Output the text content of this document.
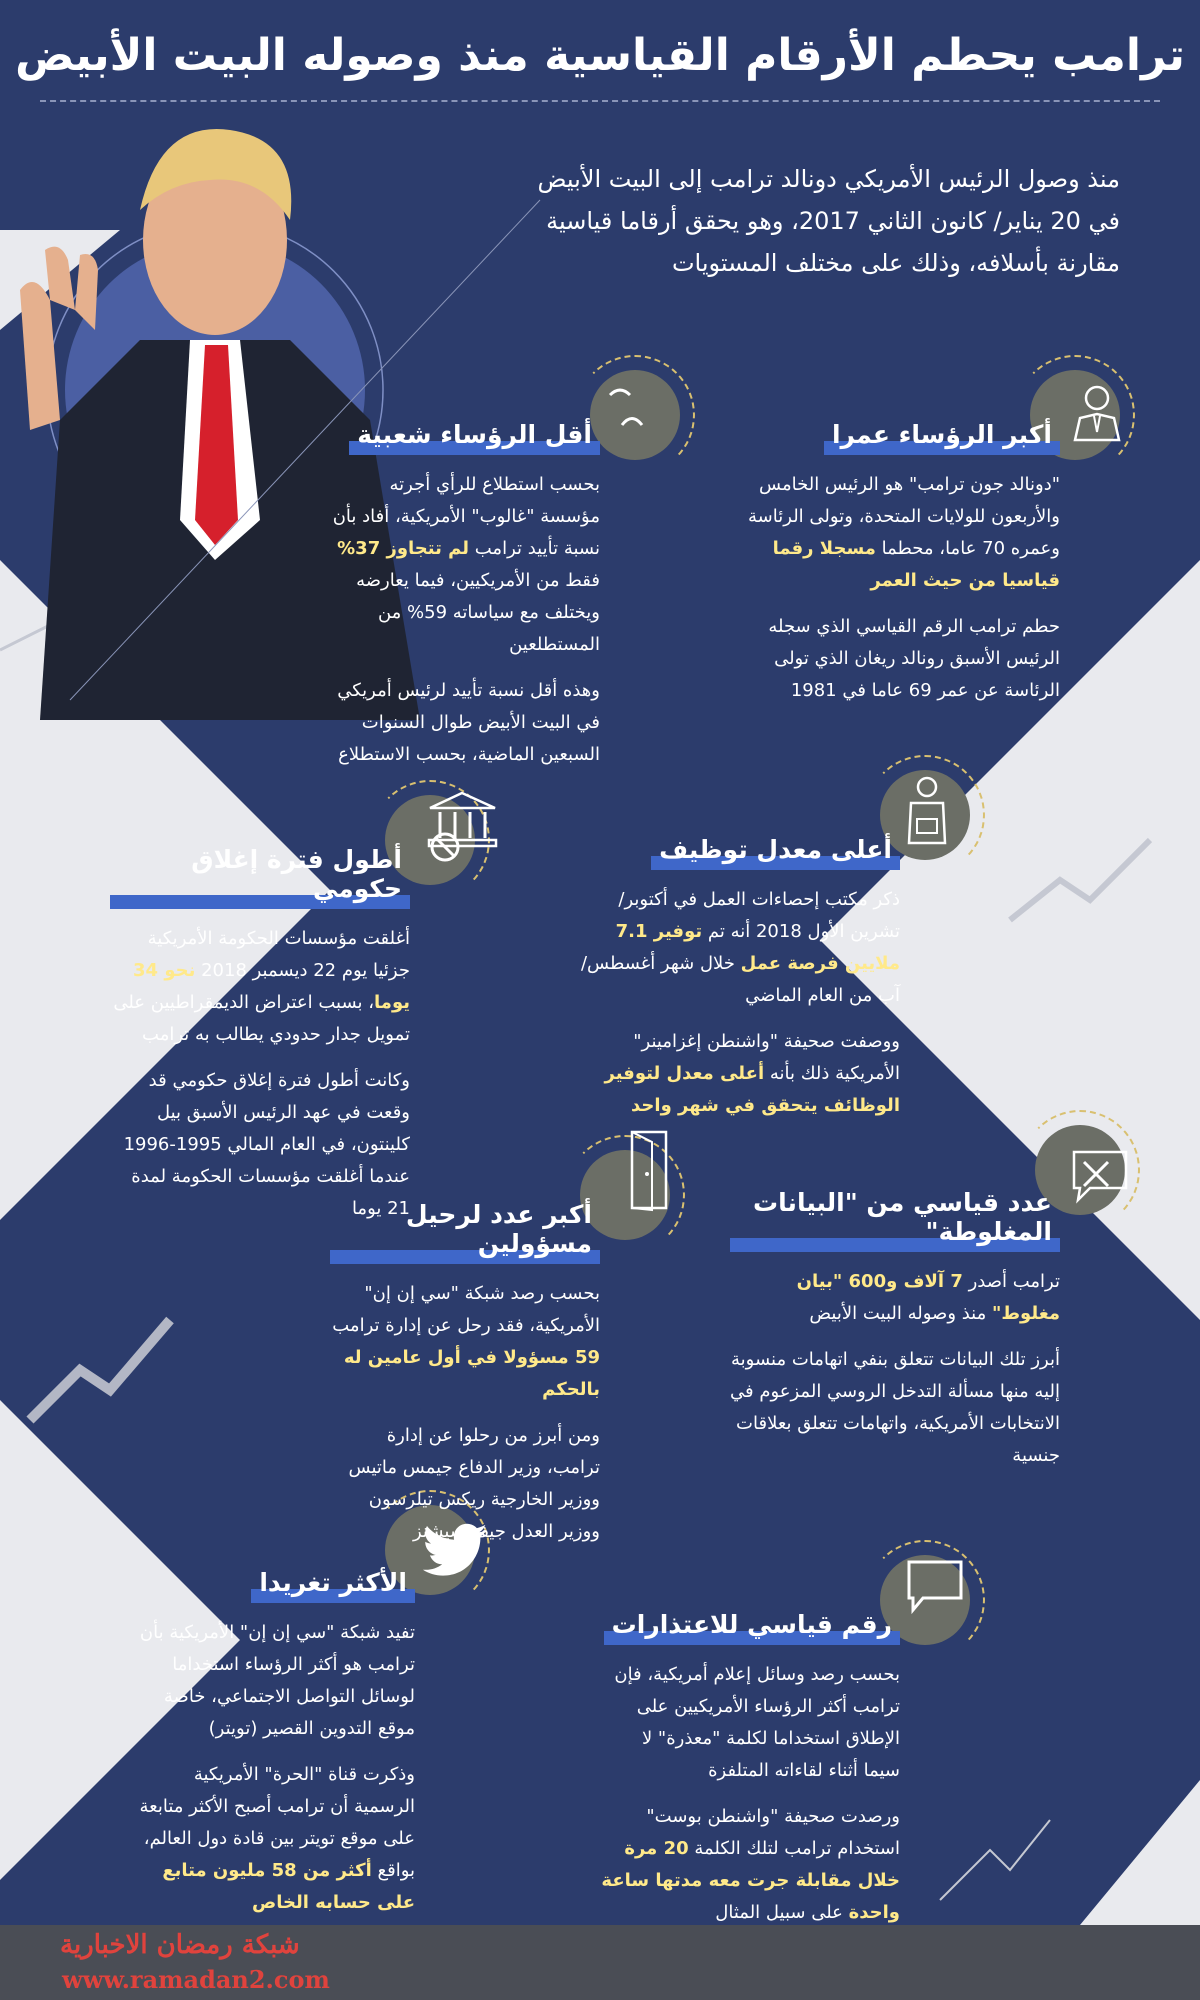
ترامب يحطم الأرقام القياسية منذ وصوله البيت الأبيض
منذ وصول الرئيس الأمريكي دونالد ترامب إلى البيت الأبيض في 20 يناير/ كانون الثاني 2017، وهو يحقق أرقاما قياسية مقارنة بأسلافه، وذلك على مختلف المستويات
أكبر الرؤساء عمرا
"دونالد جون ترامب" هو الرئيس الخامس والأربعون للولايات المتحدة، وتولى الرئاسة وعمره 70 عاما، محطما مسجلا رقما قياسيا من حيث العمر
حطم ترامب الرقم القياسي الذي سجله الرئيس الأسبق رونالد ريغان الذي تولى الرئاسة عن عمر 69 عاما في 1981
أقل الرؤساء شعبية
بحسب استطلاع للرأي أجرته مؤسسة "غالوب" الأمريكية، أفاد بأن نسبة تأييد ترامب لم تتجاوز 37% فقط من الأمريكيين، فيما يعارضه ويختلف مع سياساته 59% من المستطلعين
وهذه أقل نسبة تأييد لرئيس أمريكي في البيت الأبيض طوال السنوات السبعين الماضية، بحسب الاستطلاع
أعلى معدل توظيف
ذكر مكتب إحصاءات العمل في أكتوبر/تشرين الأول 2018 أنه تم توفير 7.1 ملايين فرصة عمل خلال شهر أغسطس/آب من العام الماضي
ووصفت صحيفة "واشنطن إغزامينر" الأمريكية ذلك بأنه أعلى معدل لتوفير الوظائف يتحقق في شهر واحد
أطول فترة إغلاق حكومي
أغلقت مؤسسات الحكومة الأمريكية جزئيا يوم 22 ديسمبر 2018 نحو 34 يوما، بسبب اعتراض الديمقراطيين على تمويل جدار حدودي يطالب به ترامب
وكانت أطول فترة إغلاق حكومي قد وقعت في عهد الرئيس الأسبق بيل كلينتون، في العام المالي 1995-1996 عندما أغلقت مؤسسات الحكومة لمدة 21 يوما	عدد قياسي من "البيانات المغلوطة"
ترامب أصدر 7 آلاف و600 "بيان مغلوط" منذ وصوله البيت الأبيض
أبرز تلك البيانات تتعلق بنفي اتهامات منسوبة إليه منها مسألة التدخل الروسي المزعوم في الانتخابات الأمريكية، واتهامات تتعلق بعلاقات جنسية
أكبر عدد لرحيل مسؤولين
بحسب رصد شبكة "سي إن إن" الأمريكية، فقد رحل عن إدارة ترامب 59 مسؤولا في أول عامين له بالحكم
ومن أبرز من رحلوا عن إدارة ترامب، وزير الدفاع جيمس ماتيس ووزير الخارجية ريكس تيلرسون ووزير العدل جيف سيشنز
رقم قياسي للاعتذارات
بحسب رصد وسائل إعلام أمريكية، فإن ترامب أكثر الرؤساء الأمريكيين على الإطلاق استخداما لكلمة "معذرة" لا سيما أثناء لقاءاته المتلفزة
ورصدت صحيفة "واشنطن بوست" استخدام ترامب لتلك الكلمة 20 مرة خلال مقابلة جرت معه مدتها ساعة واحدة على سبيل المثال
الأكثر تغريدا
تفيد شبكة "سي إن إن" الأمريكية بأن ترامب هو أكثر الرؤساء استخداما لوسائل التواصل الاجتماعي، خاصة موقع التدوين القصير (تويتر)
وذكرت قناة "الحرة" الأمريكية الرسمية أن ترامب أصبح الأكثر متابعة على موقع تويتر بين قادة دول العالم، بواقع أكثر من 58 مليون متابع على حسابه الخاص
شبكة رمضان الاخبارية
www.ramadan2.com
